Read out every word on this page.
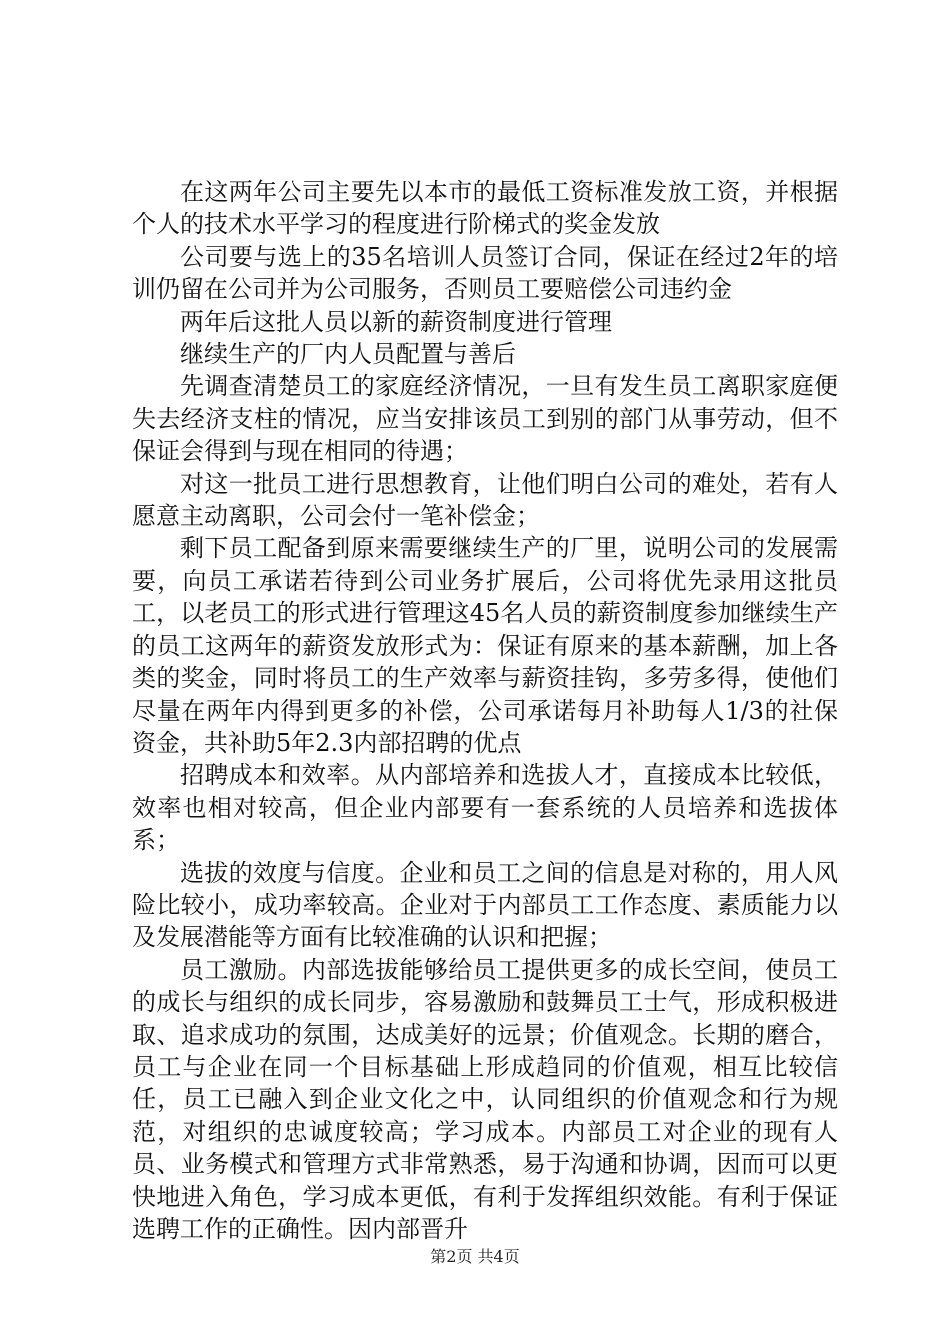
在这两年公司主要先以本市的最低工资标准发放工资，并根据个人的技术水平学习的程度进行阶梯式的奖金发放

公司要与选上的35名培训人员签订合同，保证在经过2年的培训仍留在公司并为公司服务，否则员工要赔偿公司违约金

两年后这批人员以新的薪资制度进行管理

继续生产的厂内人员配置与善后

先调查清楚员工的家庭经济情况，一旦有发生员工离职家庭便失去经济支柱的情况，应当安排该员工到别的部门从事劳动，但不保证会得到与现在相同的待遇；

对这一批员工进行思想教育，让他们明白公司的难处，若有人愿意主动离职，公司会付一笔补偿金；

剩下员工配备到原来需要继续生产的厂里，说明公司的发展需要，向员工承诺若待到公司业务扩展后，公司将优先录用这批员工，以老员工的形式进行管理这45名人员的薪资制度参加继续生产的员工这两年的薪资发放形式为：保证有原来的基本薪酬，加上各类的奖金，同时将员工的生产效率与薪资挂钩，多劳多得，使他们尽量在两年内得到更多的补偿，公司承诺每月补助每人1/3的社保资金，共补助5年2.3内部招聘的优点

招聘成本和效率。从内部培养和选拔人才，直接成本比较低，效率也相对较高，但企业内部要有一套系统的人员培养和选拔体系；

选拔的效度与信度。企业和员工之间的信息是对称的，用人风险比较小，成功率较高。企业对于内部员工工作态度、素质能力以及发展潜能等方面有比较准确的认识和把握；

员工激励。内部选拔能够给员工提供更多的成长空间，使员工的成长与组织的成长同步，容易激励和鼓舞员工士气，形成积极进取、追求成功的氛围，达成美好的远景；价值观念。长期的磨合，员工与企业在同一个目标基础上形成趋同的价值观，相互比较信任，员工已融入到企业文化之中，认同组织的价值观念和行为规范，对组织的忠诚度较高；学习成本。内部员工对企业的现有人员、业务模式和管理方式非常熟悉，易于沟通和协调，因而可以更快地进入角色，学习成本更低，有利于发挥组织效能。有利于保证选聘工作的正确性。因内部晋升

第2页 共4页
